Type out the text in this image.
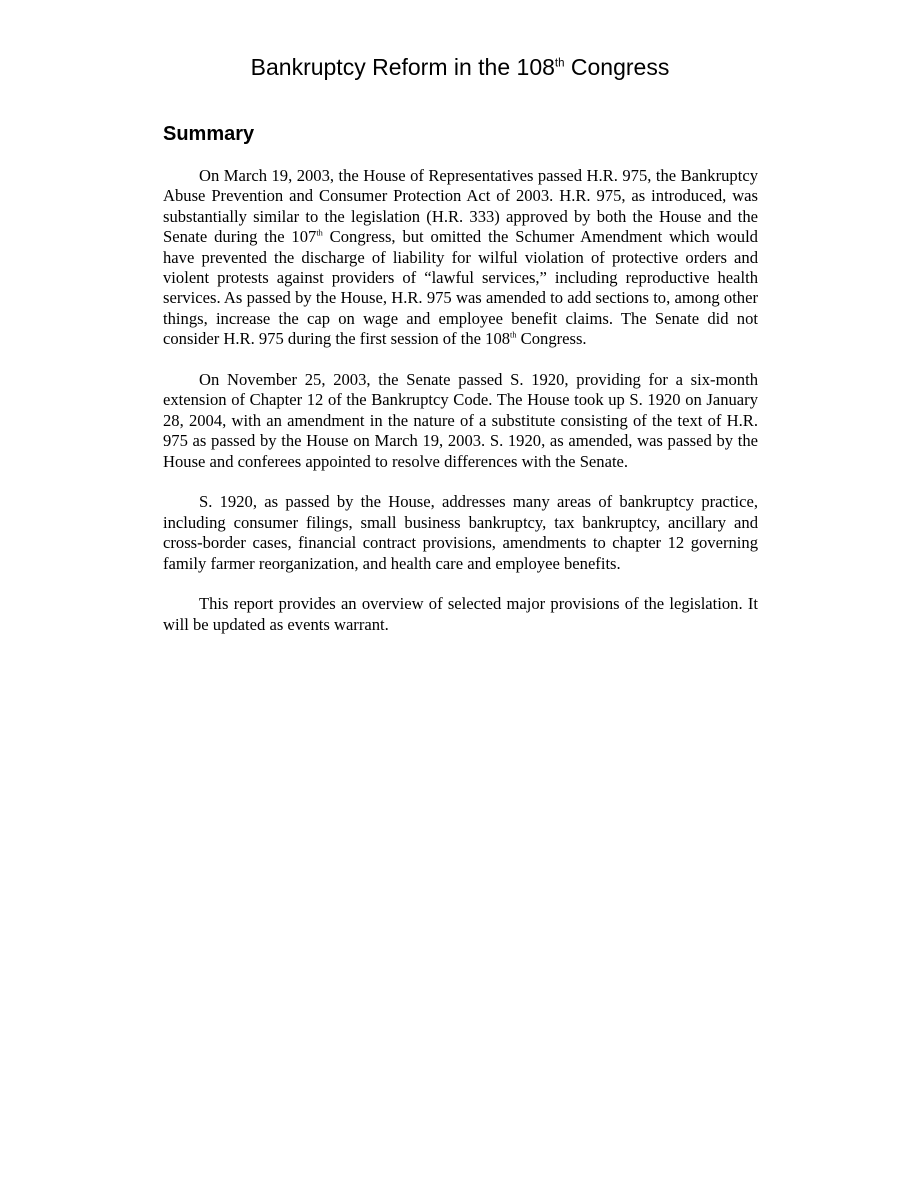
Bankruptcy Reform in the 108th Congress
Summary

On March 19, 2003, the House of Representatives passed H.R. 975, the Bankruptcy Abuse Prevention and Consumer Protection Act of 2003. H.R. 975, as introduced, was substantially similar to the legislation (H.R. 333) approved by both the House and the Senate during the 107th Congress, but omitted the Schumer Amendment which would have prevented the discharge of liability for wilful violation of protective orders and violent protests against providers of “lawful services,” including reproductive health services. As passed by the House, H.R. 975 was amended to add sections to, among other things, increase the cap on wage and employee benefit claims. The Senate did not consider H.R. 975 during the first session of the 108th Congress.

On November 25, 2003, the Senate passed S. 1920, providing for a six-month extension of Chapter 12 of the Bankruptcy Code. The House took up S. 1920 on January 28, 2004, with an amendment in the nature of a substitute consisting of the text of H.R. 975 as passed by the House on March 19, 2003. S. 1920, as amended, was passed by the House and conferees appointed to resolve differences with the Senate.

S. 1920, as passed by the House, addresses many areas of bankruptcy practice, including consumer filings, small business bankruptcy, tax bankruptcy, ancillary and cross-border cases, financial contract provisions, amendments to chapter 12 governing family farmer reorganization, and health care and employee benefits.

This report provides an overview of selected major provisions of the legislation. It will be updated as events warrant.
